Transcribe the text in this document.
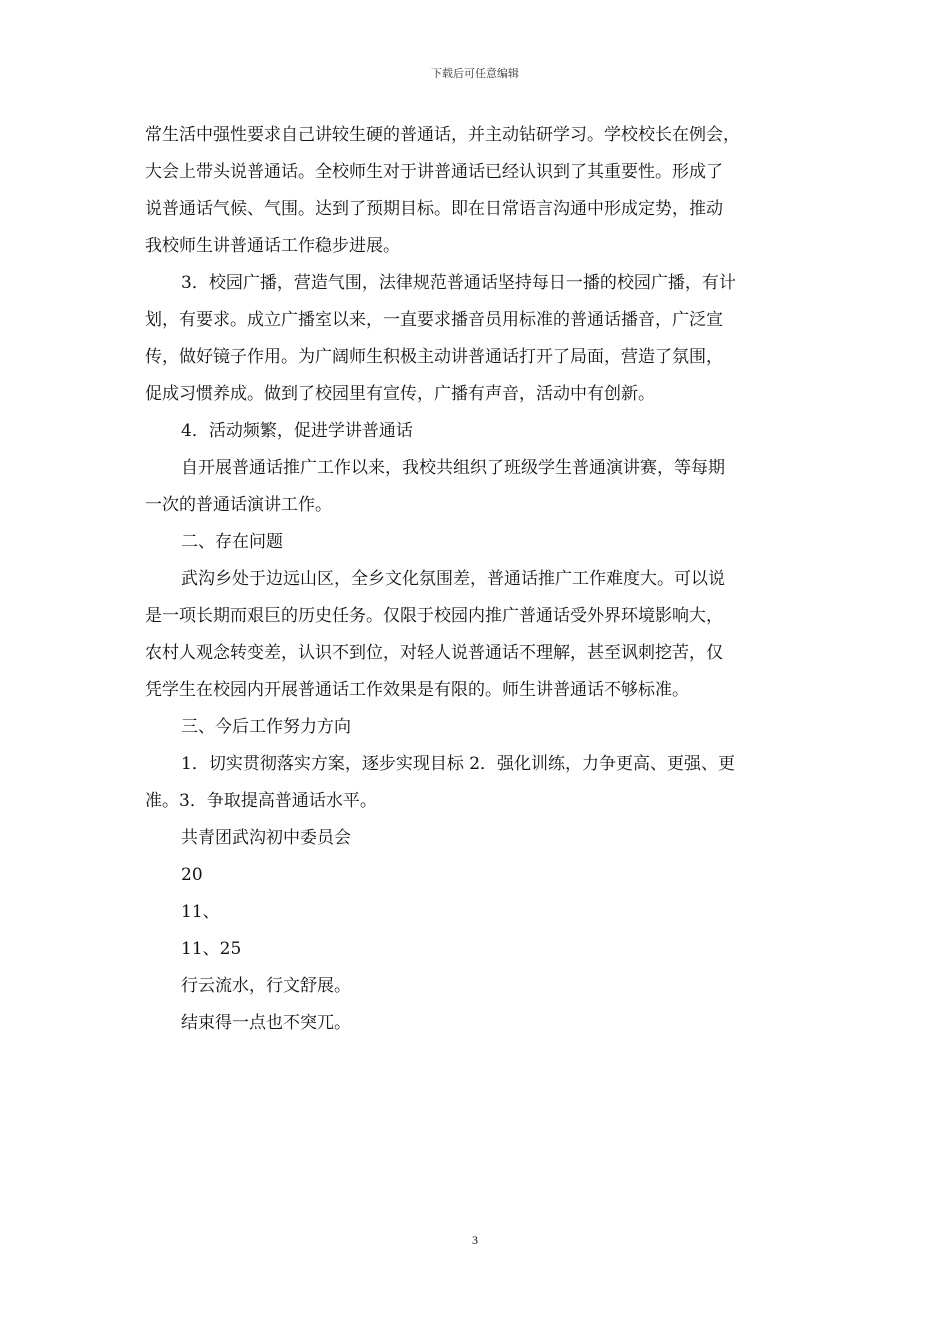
下载后可任意编辑

常生活中强性要求自己讲较生硬的普通话，并主动钻研学习。学校校长在例会，

大会上带头说普通话。全校师生对于讲普通话已经认识到了其重要性。形成了

说普通话气候、气围。达到了预期目标。即在日常语言沟通中形成定势，推动

我校师生讲普通话工作稳步进展。

3．校园广播，营造气围，法律规范普通话坚持每日一播的校园广播，有计

划，有要求。成立广播室以来，一直要求播音员用标准的普通话播音，广泛宣

传，做好镜子作用。为广阔师生积极主动讲普通话打开了局面，营造了氛围，

促成习惯养成。做到了校园里有宣传，广播有声音，活动中有创新。

4．活动频繁，促进学讲普通话

自开展普通话推广工作以来，我校共组织了班级学生普通演讲赛，等每期

一次的普通话演讲工作。

二、存在问题

武沟乡处于边远山区，全乡文化氛围差，普通话推广工作难度大。可以说

是一项长期而艰巨的历史任务。仅限于校园内推广普通话受外界环境影响大，

农村人观念转变差，认识不到位，对轻人说普通话不理解，甚至讽刺挖苦，仅

凭学生在校园内开展普通话工作效果是有限的。师生讲普通话不够标准。

三、今后工作努力方向

1．切实贯彻落实方案，逐步实现目标 2．强化训练，力争更高、更强、更

准。3．争取提高普通话水平。

共青团武沟初中委员会

20

11、

11、25

行云流水，行文舒展。

结束得一点也不突兀。

3
